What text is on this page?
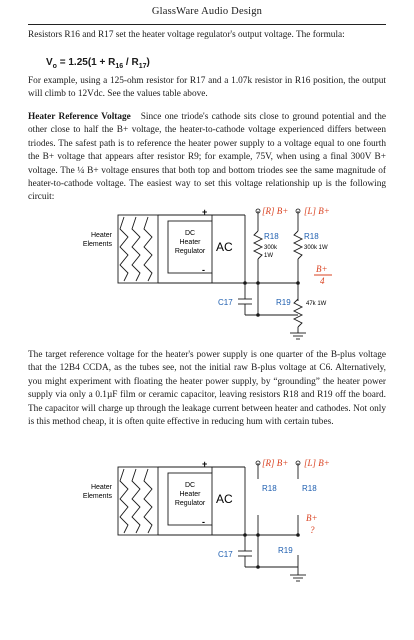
GlassWare Audio Design

Resistors R16 and R17 set the heater voltage regulator's output voltage. The formula:

$V_o = 1.25(1 + R_{16} / R_{17})$

For example, using a 125-ohm resistor for R17 and a 1.07k resistor in R16 position, the output will climb to 12Vdc. See the values table above.

Heater Reference Voltage Since one triode's cathode sits close to ground potential and the other close to half the B+ voltage, the heater-to-cathode voltage experienced differs between triodes. The safest path is to reference the heater power supply to a voltage equal to one fourth the B+ voltage that appears after resistor R9; for example, 75V, when using a final 300V B+ voltage. The ¼ B+ voltage ensures that both top and bottom triodes see the same magnitude of heater-to-cathode voltage. The easiest way to set this voltage relationship up is the following circuit:

Heater
Elements
DC
Heater
Regulator AC
+
-
[R] B+ [L] B+
R18
300k
1W
R18
300k 1W
B+
4
C17	R19	47k 1W

The target reference voltage for the heater's power supply is one quarter of the B-plus voltage that the 12B4 CCDA, as the tubes see, not the initial raw B-plus voltage at C6. Alternatively, you might experiment with floating the heater power supply, by “grounding” the heater power supply via only a 0.1µF film or ceramic capacitor, leaving resistors R18 and R19 off the board. The capacitor will charge up through the leakage current between heater and cathodes. Not only is this method cheap, it is often quite effective in reducing hum with certain tubes.

Heater
Elements
DC
Heater
Regulator AC
+
-
[R] B+ [L] B+
R18	R18
B+
?
C17	R19
